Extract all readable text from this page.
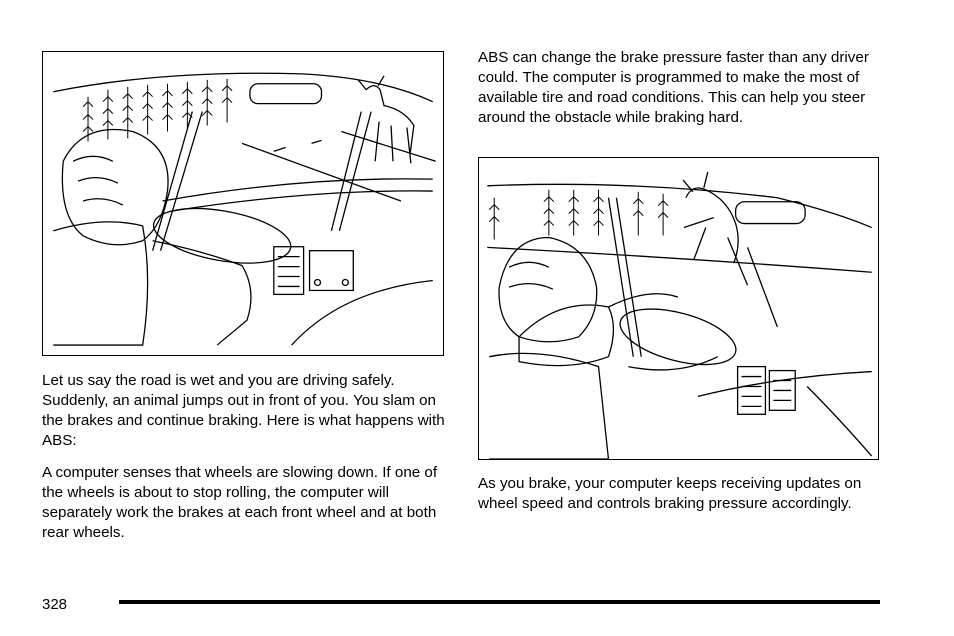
Let us say the road is wet and you are driving safely. Suddenly, an animal jumps out in front of you. You slam on the brakes and continue braking. Here is what happens with ABS:

A computer senses that wheels are slowing down. If one of the wheels is about to stop rolling, the computer will separately work the brakes at each front wheel and at both rear wheels.

ABS can change the brake pressure faster than any driver could. The computer is programmed to make the most of available tire and road conditions. This can help you steer around the obstacle while braking hard.

As you brake, your computer keeps receiving updates on wheel speed and controls braking pressure accordingly.

328
